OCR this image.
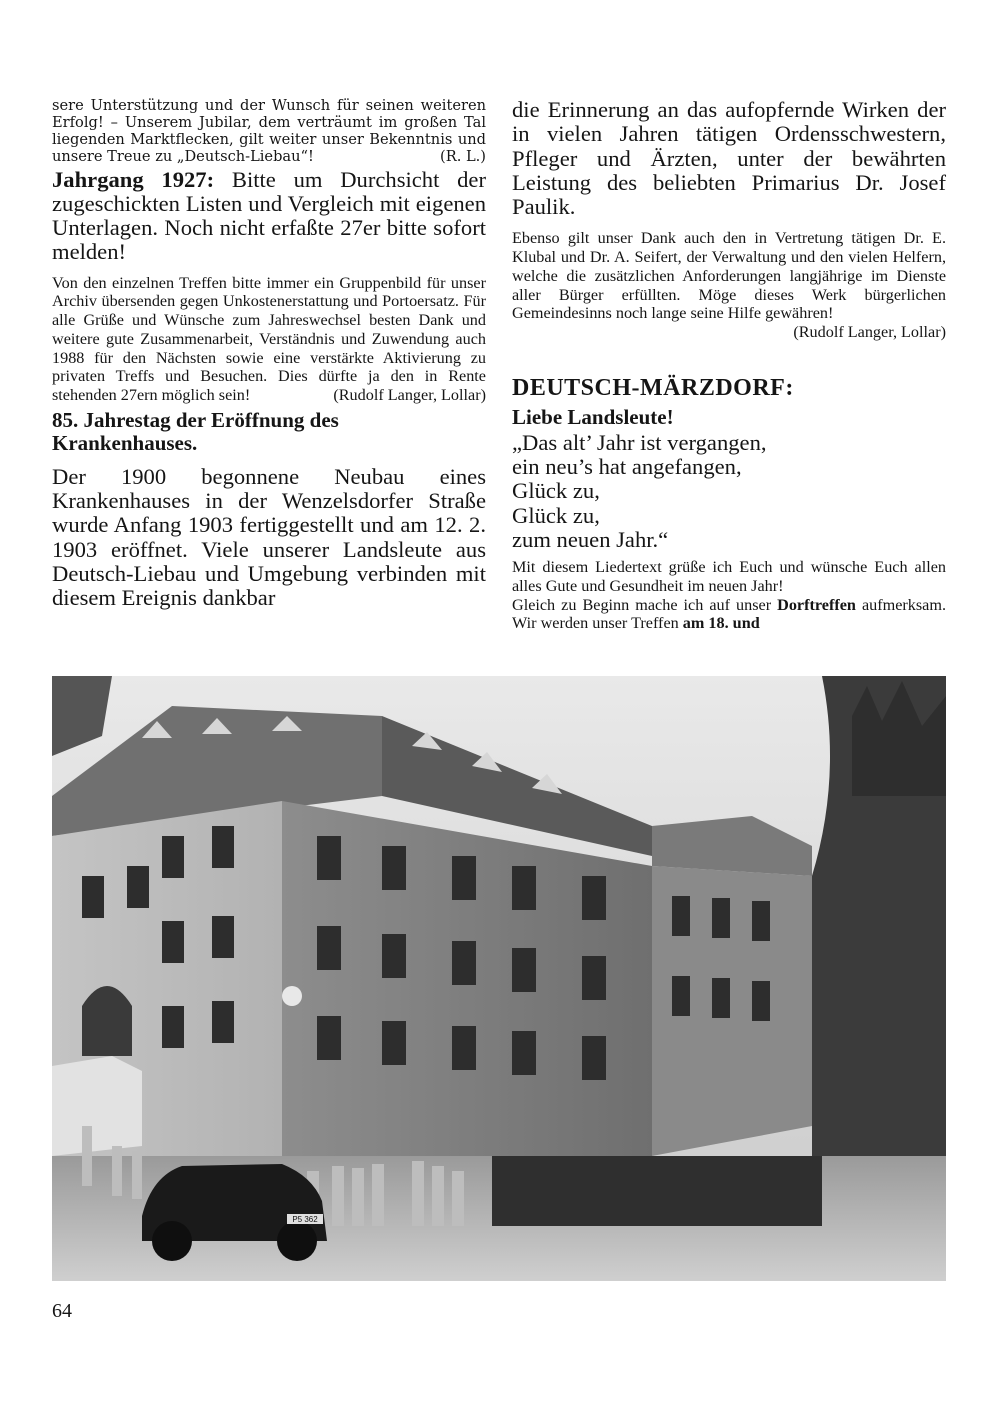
sere Unterstützung und der Wunsch für seinen weiteren Erfolg! – Unserem Jubilar, dem verträumt im großen Tal liegenden Marktflecken, gilt weiter unser Bekenntnis und unsere Treue zu „Deutsch-Liebau“!	(R. L.)

Jahrgang 1927: Bitte um Durchsicht der zugeschickten Listen und Vergleich mit eigenen Unterlagen. Noch nicht erfaßte 27er bitte sofort melden!

Von den einzelnen Treffen bitte immer ein Gruppenbild für unser Archiv übersenden gegen Unkostenerstattung und Portoersatz. Für alle Grüße und Wünsche zum Jahreswechsel besten Dank und weitere gute Zusammenarbeit, Verständnis und Zuwendung auch 1988 für den Nächsten sowie eine verstärkte Aktivierung zu privaten Treffs und Besuchen. Dies dürfte ja den in Rente stehenden 27ern möglich sein!	(Rudolf Langer, Lollar)

85. Jahrestag der Eröffnung des Krankenhauses.

Der 1900 begonnene Neubau eines Krankenhauses in der Wenzelsdorfer Straße wurde Anfang 1903 fertiggestellt und am 12. 2. 1903 eröffnet. Viele unserer Landsleute aus Deutsch-Liebau und Umgebung verbinden mit diesem Ereignis dankbar

die Erinnerung an das aufopfernde Wirken der in vielen Jahren tätigen Ordensschwestern, Pfleger und Ärzten, unter der bewährten Leistung des beliebten Primarius Dr. Josef Paulik.

Ebenso gilt unser Dank auch den in Vertretung tätigen Dr. E. Klubal und Dr. A. Seifert, der Verwaltung und den vielen Helfern, welche die zusätzlichen Anforderungen langjährige im Dienste aller Bürger erfüllten. Möge dieses Werk bürgerlichen Gemeindesinns noch lange seine Hilfe gewähren!

(Rudolf Langer, Lollar)

DEUTSCH-MÄRZDORF:

Liebe Landsleute!

„Das alt’ Jahr ist vergangen,
ein neu’s hat angefangen,
Glück zu,
Glück zu,
zum neuen Jahr.“

Mit diesem Liedertext grüße ich Euch und wünsche Euch allen alles Gute und Gesundheit im neuen Jahr!

Gleich zu Beginn mache ich auf unser Dorftreffen aufmerksam. Wir werden unser Treffen am 18. und

P5 362
64
